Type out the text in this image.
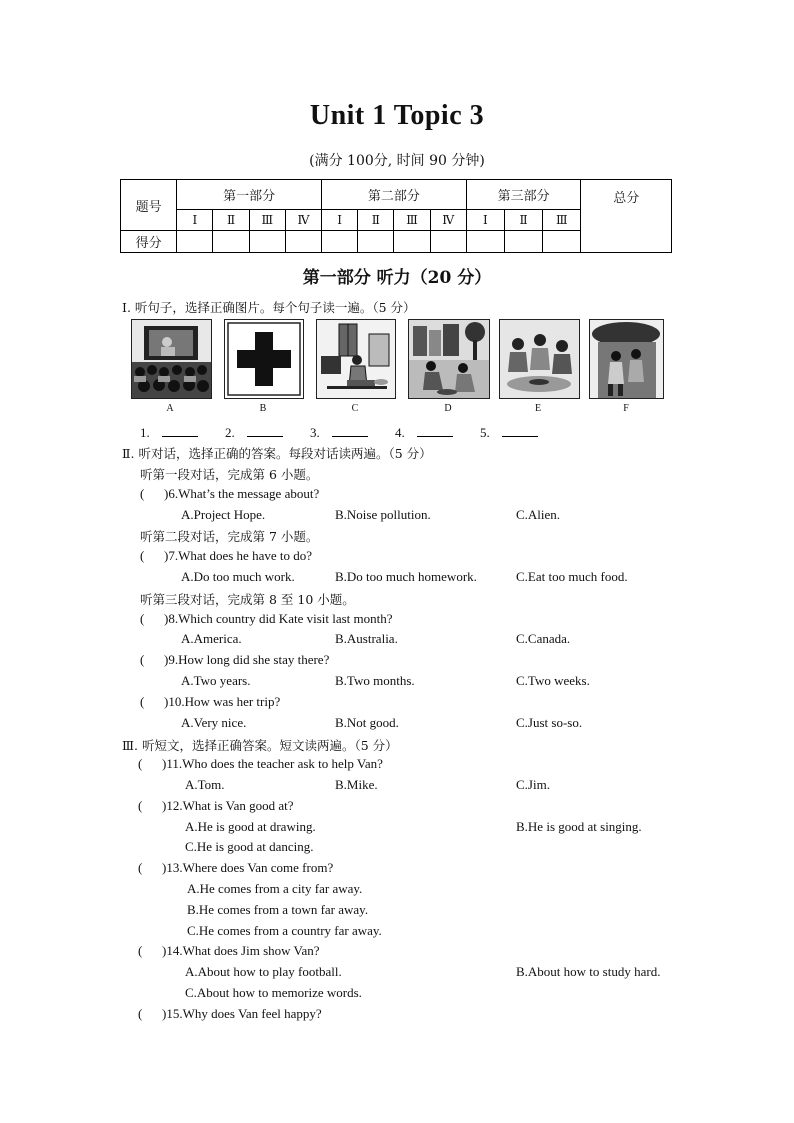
Unit 1 Topic 3
(满分 100分, 时间 90 分钟)
题号	第一部分				第二部分				第三部分			总分
	Ⅰ	Ⅱ	Ⅲ	Ⅳ	Ⅰ	Ⅱ	Ⅲ	Ⅳ	Ⅰ	Ⅱ	Ⅲ	
得分												
第一部分 听力（20 分）
Ⅰ. 听句子，选择正确图片。每个句子读一遍。（5 分）
A	B	C	D	E	F
1.	2.	3.	4.	5.
Ⅱ. 听对话，选择正确的答案。每段对话读两遍。（5 分）
听第一段对话，完成第 6 小题。
( )6.What’s the message about?
A.Project Hope.	B.Noise pollution.	C.Alien.
听第二段对话，完成第 7 小题。
( )7.What does he have to do?
A.Do too much work.	B.Do too much homework.	C.Eat too much food.
听第三段对话，完成第 8 至 10 小题。
( )8.Which country did Kate visit last month?
A.America.	B.Australia.	C.Canada.
( )9.How long did she stay there?
A.Two years.	B.Two months.	C.Two weeks.
( )10.How was her trip?
A.Very nice.	B.Not good.	C.Just so-so.
Ⅲ. 听短文，选择正确答案。短文读两遍。（5 分）
( )11.Who does the teacher ask to help Van?
A.Tom.	B.Mike.	C.Jim.
( )12.What is Van good at?
A.He is good at drawing.	B.He is good at singing.
C.He is good at dancing.
( )13.Where does Van come from?
A.He comes from a city far away.
B.He comes from a town far away.
C.He comes from a country far away.
( )14.What does Jim show Van?
A.About how to play football.	B.About how to study hard.
C.About how to memorize words.
( )15.Why does Van feel happy?
